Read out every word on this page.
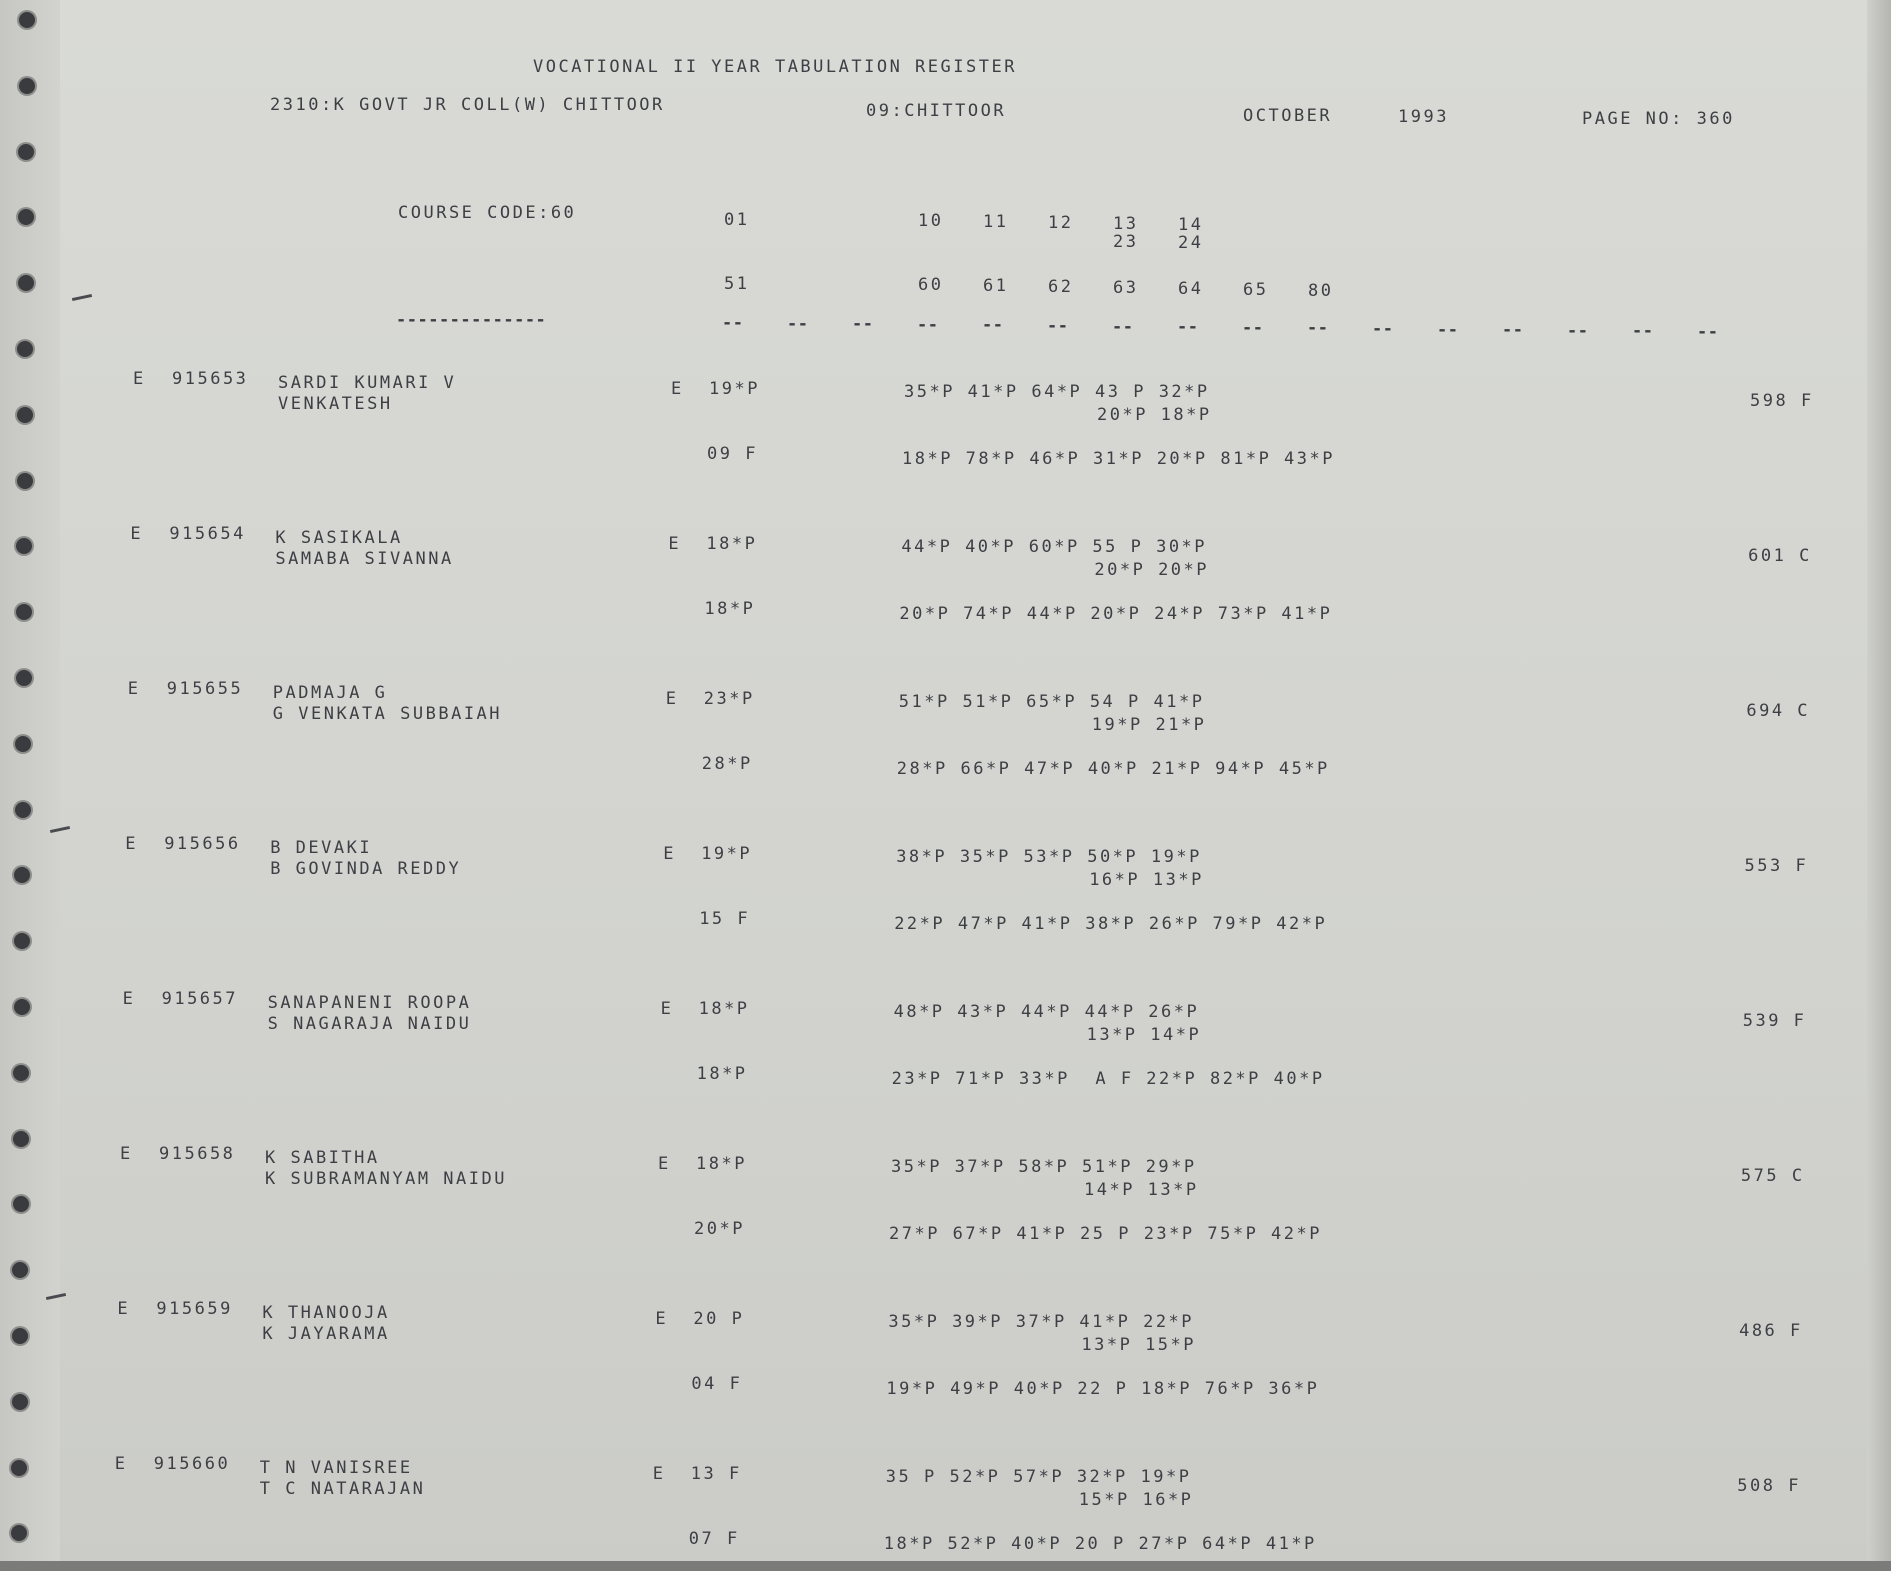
VOCATIONAL II YEAR TABULATION REGISTER
2310:K GOVT JR COLL(W) CHITTOOR	09:CHITTOOR	OCTOBER	1993	PAGE NO: 360
COURSE CODE:60	01	10 11 12 13 14
23 24
51	60 61 62 63 64 65 80
--------------	--	--	--	--	--	--	--	--	--	--	--	--	--	--	--	--
E 915653 SARDI KUMARI V
VENKATESH
E 19*P	35*P 41*P 64*P 43 P 32*P
20*P 18*P
09 F	18*P 78*P 46*P 31*P 20*P 81*P 43*P
598 F
E 915654 K SASIKALA
SAMABA SIVANNA
E 18*P	44*P 40*P 60*P 55 P 30*P
20*P 20*P
18*P	20*P 74*P 44*P 20*P 24*P 73*P 41*P
601 C
E 915655 PADMAJA G
G VENKATA SUBBAIAH
E 23*P	51*P 51*P 65*P 54 P 41*P
19*P 21*P
28*P	28*P 66*P 47*P 40*P 21*P 94*P 45*P
694 C
E 915656 B DEVAKI
B GOVINDA REDDY
E 19*P	38*P 35*P 53*P 50*P 19*P
16*P 13*P
15 F	22*P 47*P 41*P 38*P 26*P 79*P 42*P
553 F
E 915657 SANAPANENI ROOPA
S NAGARAJA NAIDU
E 18*P	48*P 43*P 44*P 44*P 26*P
13*P 14*P
18*P	23*P 71*P 33*P  A F 22*P 82*P 40*P
539 F
E 915658 K SABITHA
K SUBRAMANYAM NAIDU
E 18*P	35*P 37*P 58*P 51*P 29*P
14*P 13*P
20*P	27*P 67*P 41*P 25 P 23*P 75*P 42*P
575 C
E 915659 K THANOOJA
K JAYARAMA
E 20 P	35*P 39*P 37*P 41*P 22*P
13*P 15*P
04 F	19*P 49*P 40*P 22 P 18*P 76*P 36*P
486 F
E 915660 T N VANISREE
T C NATARAJAN
E 13 F	35 P 52*P 57*P 32*P 19*P
15*P 16*P
07 F	18*P 52*P 40*P 20 P 27*P 64*P 41*P
508 F
